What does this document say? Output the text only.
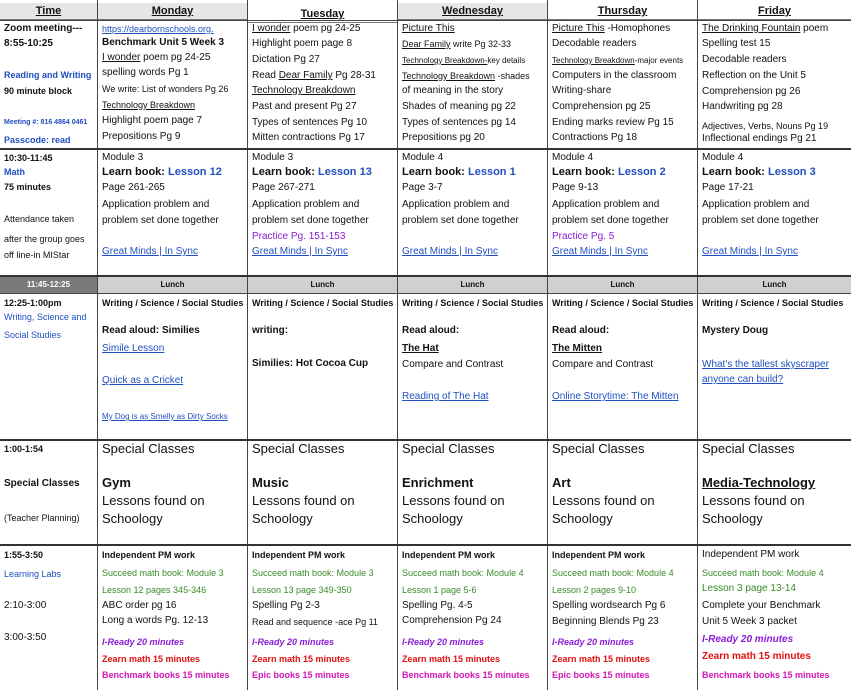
Time
Zoom meeting---
8:55-10:25
Reading and Writing
90 minute block
Meeting #: 816 4864 0461
Passcode: read
10:30-11:45
Math
75 minutes
Attendance taken
after the group goes
off line-in MIStar
11:45-12:25
12:25-1:00pm
Writing, Science and
Social Studies
1:00-1:54
Special Classes
(Teacher Planning)
1:55-3:50
Learning Labs
2:10-3:00
3:00-3:50
Monday
https://dearbornschools.org.
Benchmark Unit 5 Week 3
I wonder poem pg 24-25
spelling words Pg 1
We write: List of wonders Pg 26
Technology Breakdown
Highlight poem page 7
Prepositions Pg 9
Module 3
Learn book: Lesson 12
Page 261-265
Application problem and
problem set done together
Great Minds | In Sync
Lunch
Writing / Science / Social Studies
Read aloud: Similies
Simile Lesson
Quick as a Cricket
My Dog is as Smelly as Dirty Socks
Special Classes
Gym
Lessons found on
Schoology
Independent PM work
Succeed math book: Module 3
Lesson 12 pages 345-346
ABC order pg 16
Long a words Pg. 12-13
I-Ready 20 minutes
Zearn math 15 minutes
Benchmark books 15 minutes
Tuesday
I wonder poem pg 24-25
Highlight poem page 8
Dictation Pg 27
Read Dear Family Pg 28-31
Technology Breakdown
Past and present Pg 27
Types of sentences Pg 10
Mitten contractions Pg 17
Module 3
Learn book: Lesson 13
Page 267-271
Application problem and
problem set done together
Practice Pg. 151-153
Great Minds | In Sync
Lunch
Writing / Science / Social Studies
writing:
Similies: Hot Cocoa Cup
Special Classes
Music
Lessons found on
Schoology
Independent PM work
Succeed math book: Module 3
Lesson 13 page 349-350
Spelling Pg 2-3
Read and sequence -ace Pg 11
I-Ready 20 minutes
Zearn math 15 minutes
Epic books 15 minutes
Wednesday
Picture This
Dear Family write Pg 32-33
Technology Breakdown-key details
Technology Breakdown -shades
of meaning in the story
Shades of meaning pg 22
Types of sentences pg 14
Prepositions pg 20
Module 4
Learn book: Lesson 1
Page 3-7
Application problem and
problem set done together
Great Minds | In Sync
Lunch
Writing / Science / Social Studies
Read aloud:
The Hat
Compare and Contrast
Reading of The Hat
Special Classes
Enrichment
Lessons found on
Schoology
Independent PM work
Succeed math book: Module 4
Lesson 1 page 5-6
Spelling Pg. 4-5
Comprehension Pg 24
I-Ready 20 minutes
Zearn math 15 minutes
Benchmark books 15 minutes
Thursday
Picture This -Homophones
Decodable readers
Technology Breakdown-major events
Computers in the classroom
Writing-share
Comprehension pg 25
Ending marks review Pg 15
Contractions Pg 18
Module 4
Learn book: Lesson 2
Page 9-13
Application problem and
problem set done together
Practice Pg. 5
Great Minds | In Sync
Lunch
Writing / Science / Social Studies
Read aloud:
The Mitten
Compare and Contrast
Online Storytime: The Mitten
Special Classes
Art
Lessons found on
Schoology
Independent PM work
Succeed math book: Module 4
Lesson 2 pages 9-10
Spelling wordsearch Pg 6
Beginning Blends Pg 23
I-Ready 20 minutes
Zearn math 15 minutes
Epic books 15 minutes
Friday
The Drinking Fountain poem
Spelling test 15
Decodable readers
Reflection on the Unit 5
Comprehension pg 26
Handwriting pg 28
Adjectives, Verbs, Nouns Pg 19
Inflectional endings Pg 21
Module 4
Learn book: Lesson 3
Page 17-21
Application problem and
problem set done together
Great Minds | In Sync
Lunch
Writing / Science / Social Studies
Mystery Doug
What's the tallest skyscraper
anyone can build?
Special Classes
Media-Technology
Lessons found on
Schoology
Independent PM work
Succeed math book: Module 4
Lesson 3 page 13-14
Complete your Benchmark
Unit 5 Week 3 packet
I-Ready 20 minutes
Zearn math 15 minutes
Benchmark books 15 minutes
